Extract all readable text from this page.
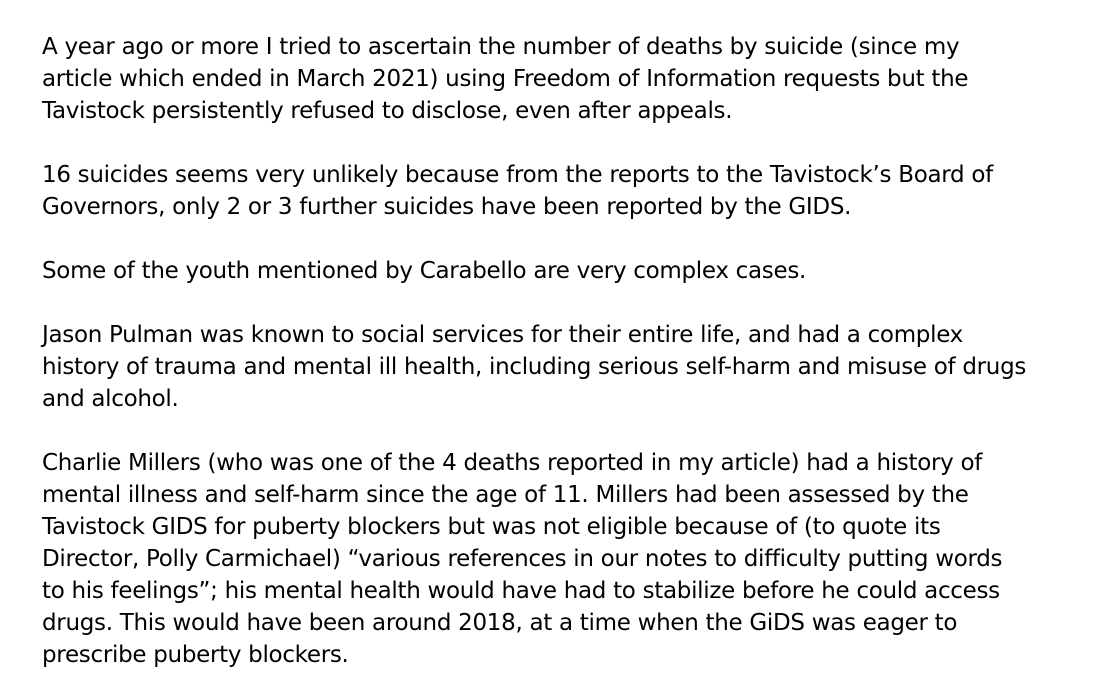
A year ago or more I tried to ascertain the number of deaths by suicide (since my
article which ended in March 2021) using Freedom of Information requests but the
Tavistock persistently refused to disclose, even after appeals.

16 suicides seems very unlikely because from the reports to the Tavistock’s Board of
Governors, only 2 or 3 further suicides have been reported by the GIDS.

Some of the youth mentioned by Carabello are very complex cases.

Jason Pulman was known to social services for their entire life, and had a complex
history of trauma and mental ill health, including serious self-harm and misuse of drugs
and alcohol.

Charlie Millers (who was one of the 4 deaths reported in my article) had a history of
mental illness and self-harm since the age of 11. Millers had been assessed by the
Tavistock GIDS for puberty blockers but was not eligible because of (to quote its
Director, Polly Carmichael) “various references in our notes to difficulty putting words
to his feelings”; his mental health would have had to stabilize before he could access
drugs. This would have been around 2018, at a time when the GiDS was eager to
prescribe puberty blockers.
